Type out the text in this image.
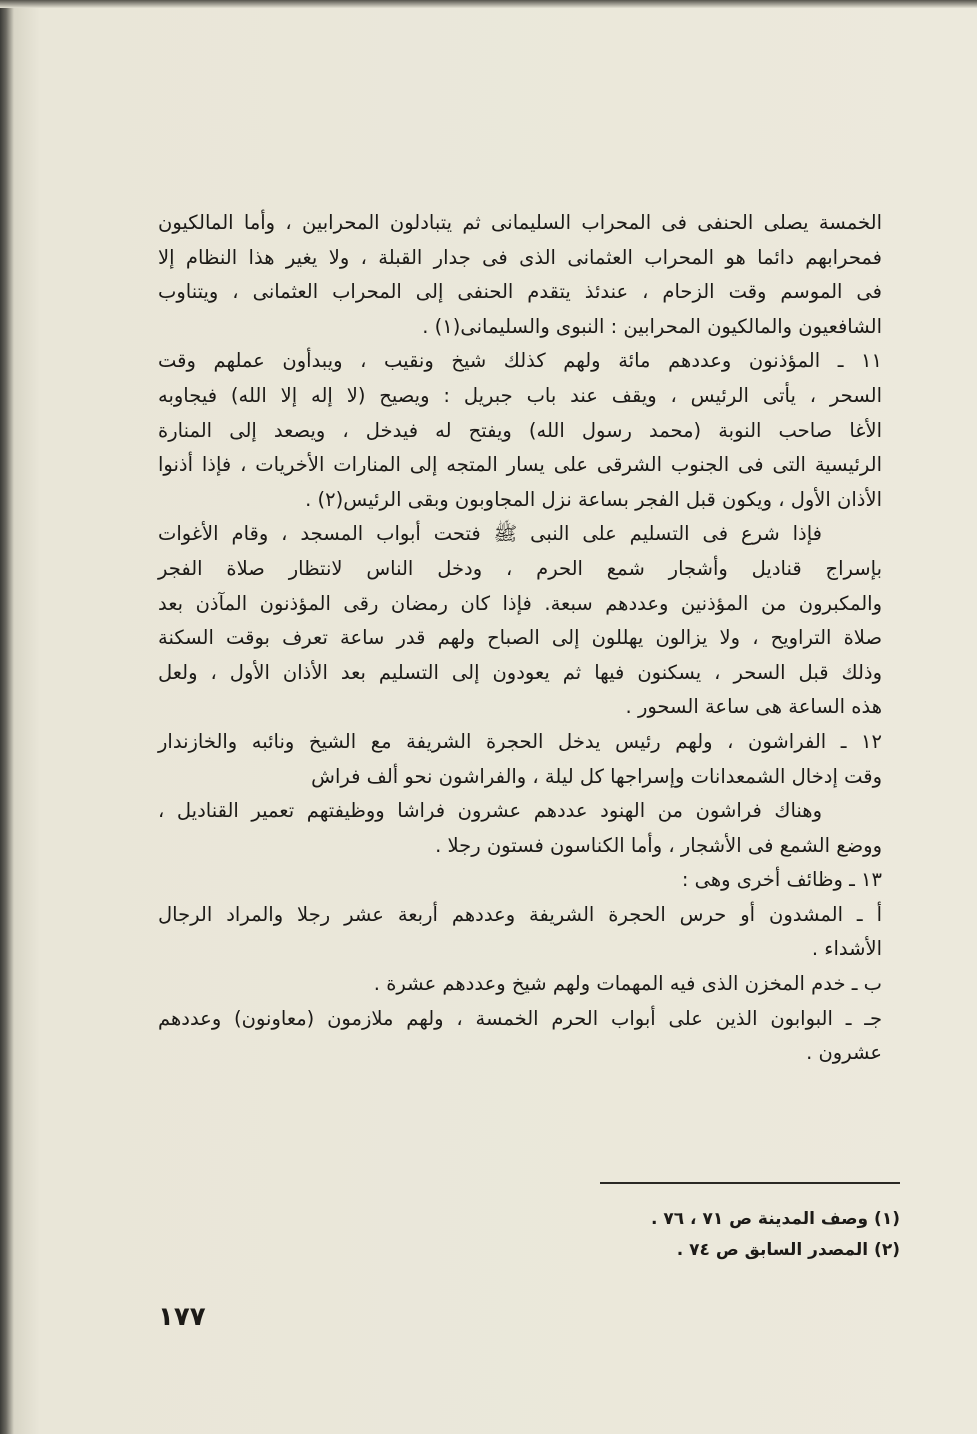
الخمسة يصلى الحنفى فى المحراب السليمانى ثم يتبادلون المحرابين ، وأما المالكيون
فمحرابهم دائما هو المحراب العثمانى الذى فى جدار القبلة ، ولا يغير هذا النظام إلا
فى الموسم وقت الزحام ، عندئذ يتقدم الحنفى إلى المحراب العثمانى ، ويتناوب
الشافعيون والمالكيون المحرابين : النبوى والسليمانى(١) .
١١ ـ المؤذنون وعددهم مائة ولهم كذلك شيخ ونقيب ، ويبدأون عملهم وقت
السحر ، يأتى الرئيس ، ويقف عند باب جبريل : ويصيح (لا إله إلا الله) فيجاوبه
الأغا صاحب النوبة (محمد رسول الله) ويفتح له فيدخل ، ويصعد إلى المنارة
الرئيسية التى فى الجنوب الشرقى على يسار المتجه إلى المنارات الأخريات ، فإذا أذنوا
الأذان الأول ، ويكون قبل الفجر بساعة نزل المجاوبون وبقى الرئيس(٢) .
فإذا شرع فى التسليم على النبى ﷺ فتحت أبواب المسجد ، وقام الأغوات
بإسراج قناديل وأشجار شمع الحرم ، ودخل الناس لانتظار صلاة الفجر
والمكبرون من المؤذنين وعددهم سبعة. فإذا كان رمضان رقى المؤذنون المآذن بعد
صلاة التراويح ، ولا يزالون يهللون إلى الصباح ولهم قدر ساعة تعرف بوقت السكنة
وذلك قبل السحر ، يسكنون فيها ثم يعودون إلى التسليم بعد الأذان الأول ، ولعل
هذه الساعة هى ساعة السحور .
١٢ ـ الفراشون ، ولهم رئيس يدخل الحجرة الشريفة مع الشيخ ونائبه والخازندار
وقت إدخال الشمعدانات وإسراجها كل ليلة ، والفراشون نحو ألف فراش
وهناك فراشون من الهنود عددهم عشرون فراشا ووظيفتهم تعمير القناديل ،
ووضع الشمع فى الأشجار ، وأما الكناسون فستون رجلا .
١٣ ـ وظائف أخرى وهى :
أ ـ المشدون أو حرس الحجرة الشريفة وعددهم أربعة عشر رجلا والمراد الرجال
الأشداء .
ب ـ خدم المخزن الذى فيه المهمات ولهم شيخ وعددهم عشرة .
جـ ـ البوابون الذين على أبواب الحرم الخمسة ، ولهم ملازمون (معاونون) وعددهم
عشرون .
(١) وصف المدينة ص ٧١ ، ٧٦ .
(٢) المصدر السابق ص ٧٤ .
١٧٧
